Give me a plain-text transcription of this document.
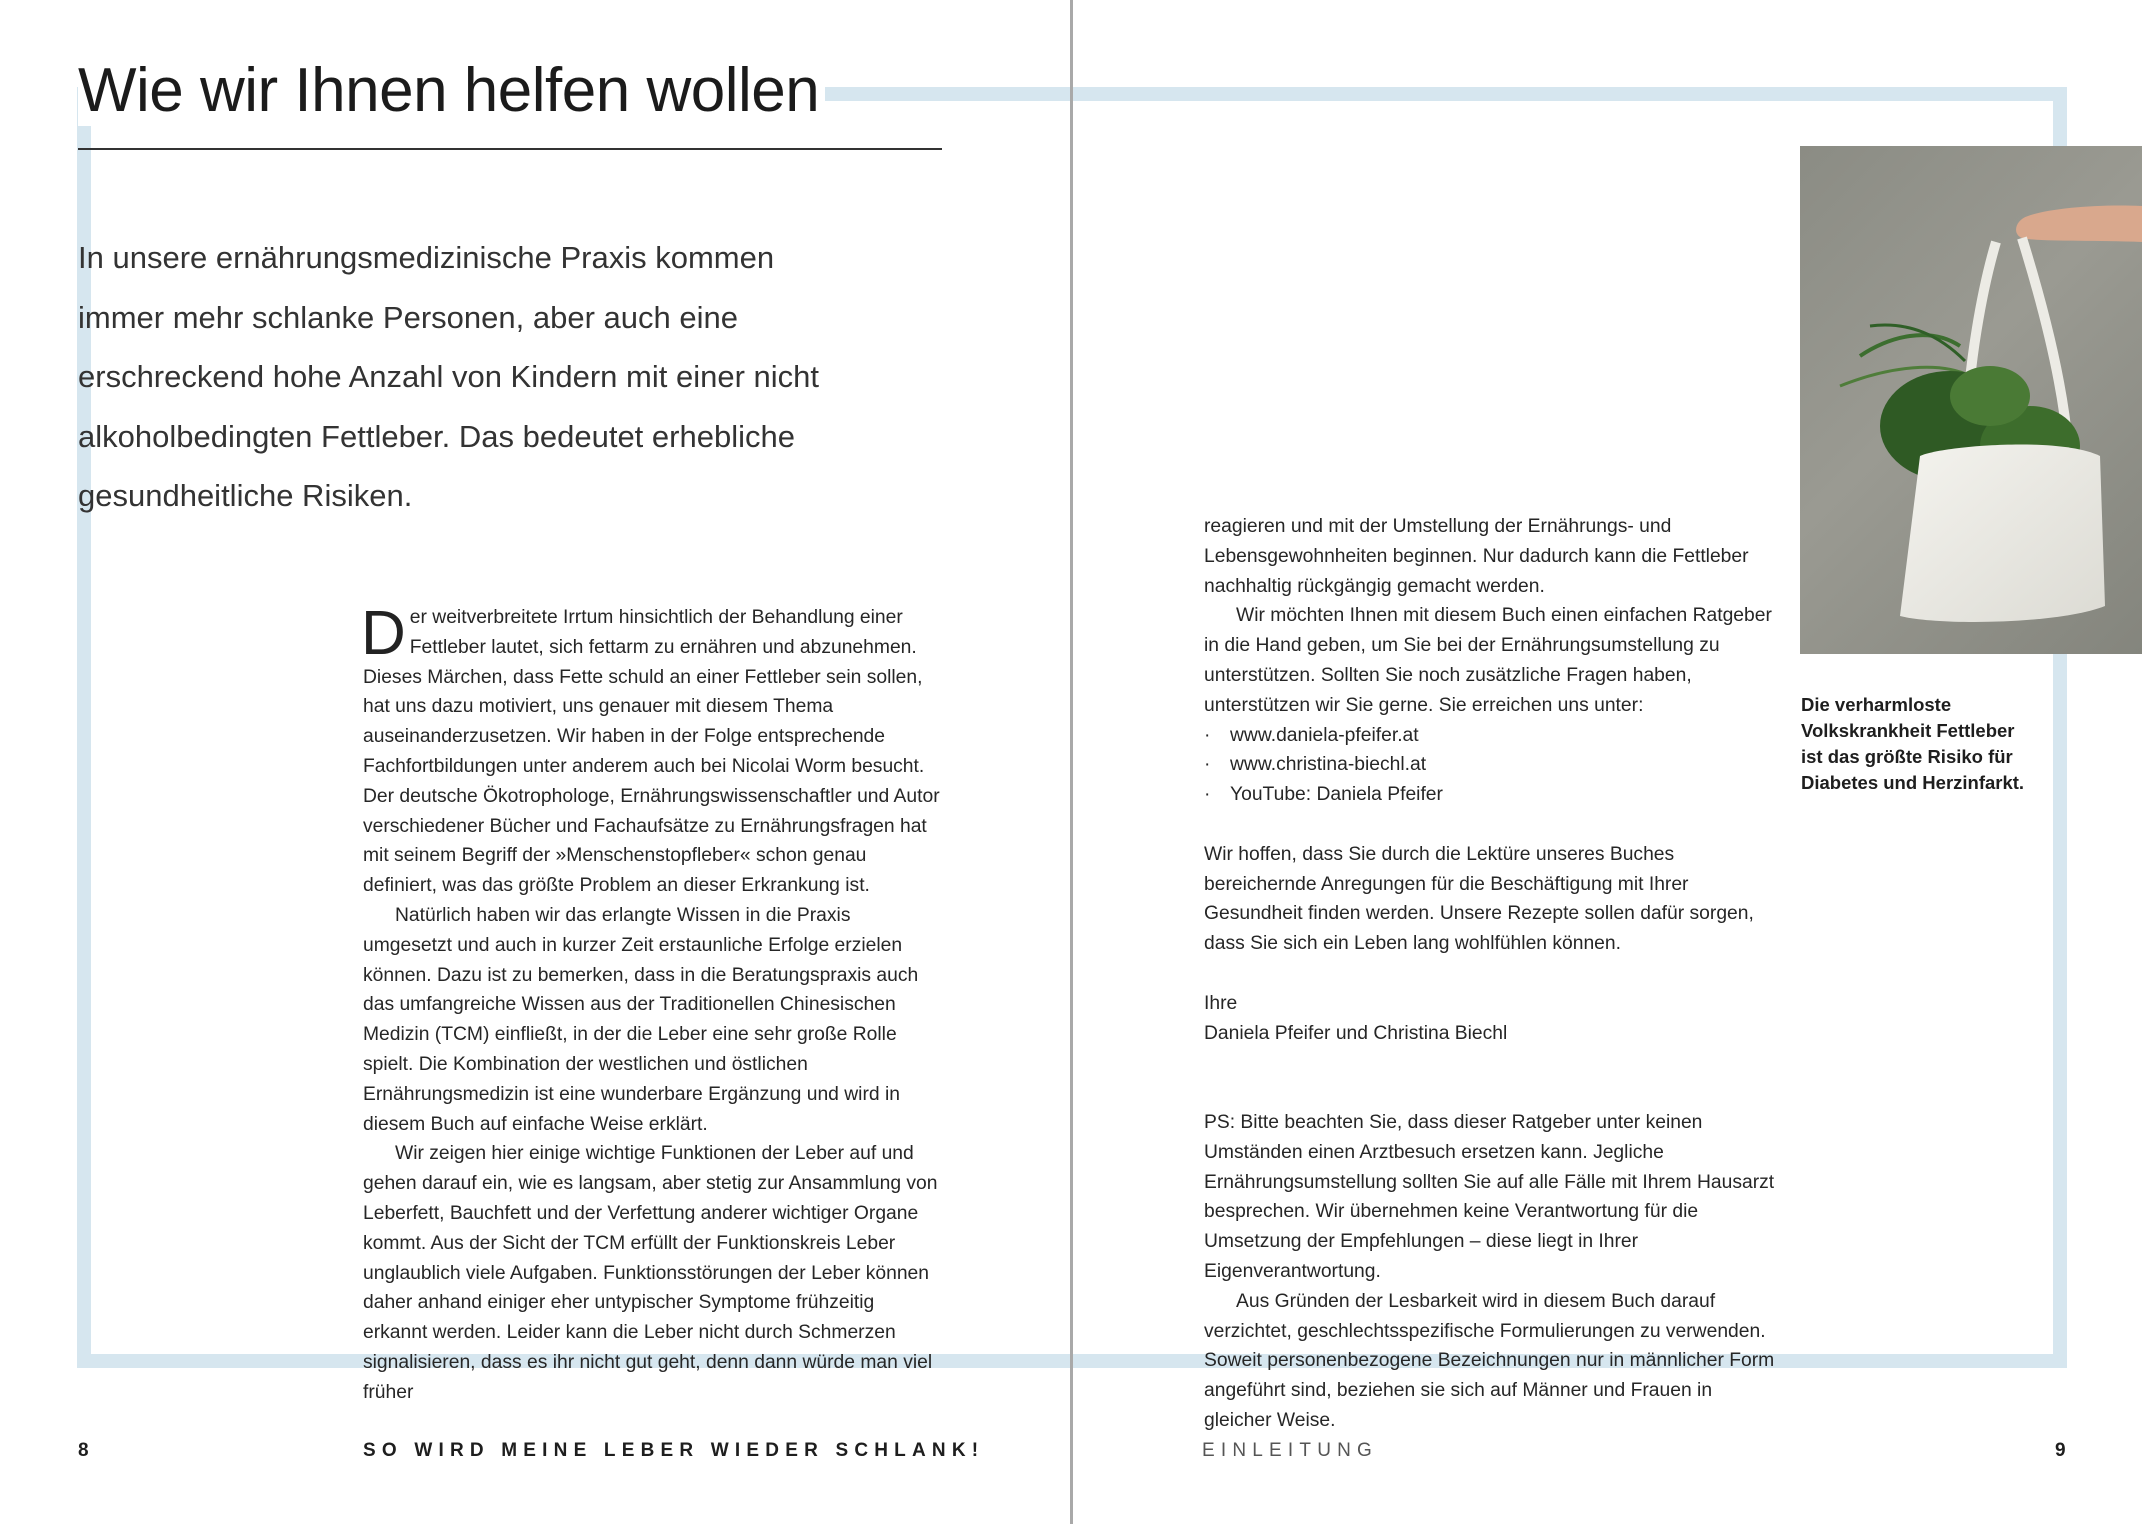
Wie wir Ihnen helfen wollen

In unsere ernährungsmedizinische Praxis kommen immer mehr schlanke Personen, aber auch eine erschreckend hohe Anzahl von Kindern mit einer nicht alkoholbedingten Fettleber. Das bedeutet erhebliche gesundheitliche Risiken.

Der weitverbreitete Irrtum hinsichtlich der Behandlung einer Fettleber lautet, sich fettarm zu ernähren und abzunehmen. Dieses Märchen, dass Fette schuld an einer Fettleber sein sollen, hat uns dazu motiviert, uns genauer mit diesem Thema auseinanderzusetzen. Wir haben in der Folge entsprechende Fachfortbildungen unter anderem auch bei Nicolai Worm besucht. Der deutsche Ökotrophologe, Ernährungswissenschaftler und Autor verschiedener Bücher und Fachaufsätze zu Ernährungsfragen hat mit seinem Begriff der »Menschenstopfleber« schon genau definiert, was das größte Problem an dieser Erkrankung ist.

Natürlich haben wir das erlangte Wissen in die Praxis umgesetzt und auch in kurzer Zeit erstaunliche Erfolge erzielen können. Dazu ist zu bemerken, dass in die Beratungspraxis auch das umfangreiche Wissen aus der Traditionellen Chinesischen Medizin (TCM) einfließt, in der die Leber eine sehr große Rolle spielt. Die Kombination der westlichen und östlichen Ernährungsmedizin ist eine wunderbare Ergänzung und wird in diesem Buch auf einfache Weise erklärt.

Wir zeigen hier einige wichtige Funktionen der Leber auf und gehen darauf ein, wie es langsam, aber stetig zur Ansammlung von Leberfett, Bauchfett und der Verfettung anderer wichtiger Organe kommt. Aus der Sicht der TCM erfüllt der Funktionskreis Leber unglaublich viele Aufgaben. Funktionsstörungen der Leber können daher anhand einiger eher untypischer Symptome frühzeitig erkannt werden. Leider kann die Leber nicht durch Schmerzen signalisieren, dass es ihr nicht gut geht, denn dann würde man viel früher

8	SO WIRD MEINE LEBER WIEDER SCHLANK!

reagieren und mit der Umstellung der Ernährungs- und Lebensgewohnheiten beginnen. Nur dadurch kann die Fettleber nachhaltig rückgängig gemacht werden.

Wir möchten Ihnen mit diesem Buch einen einfachen Ratgeber in die Hand geben, um Sie bei der Ernährungsumstellung zu unterstützen. Sollten Sie noch zusätzliche Fragen haben, unterstützen wir Sie gerne. Sie erreichen uns unter:

· www.daniela-pfeifer.at
· www.christina-biechl.at
· YouTube: Daniela Pfeifer

Wir hoffen, dass Sie durch die Lektüre unseres Buches bereichernde Anregungen für die Beschäftigung mit Ihrer Gesundheit finden werden. Unsere Rezepte sollen dafür sorgen, dass Sie sich ein Leben lang wohlfühlen können.

Ihre

Daniela Pfeifer und Christina Biechl

PS: Bitte beachten Sie, dass dieser Ratgeber unter keinen Umständen einen Arztbesuch ersetzen kann. Jegliche Ernährungsumstellung sollten Sie auf alle Fälle mit Ihrem Hausarzt besprechen. Wir übernehmen keine Verantwortung für die Umsetzung der Empfehlungen – diese liegt in Ihrer Eigenverantwortung.

Aus Gründen der Lesbarkeit wird in diesem Buch darauf verzichtet, geschlechtsspezifische Formulierungen zu verwenden. Soweit personenbezogene Bezeichnungen nur in männlicher Form angeführt sind, beziehen sie sich auf Männer und Frauen in gleicher Weise.

Die verharmloste Volkskrankheit Fettleber ist das größte Risiko für Diabetes und Herzinfarkt.

EINLEITUNG	9
